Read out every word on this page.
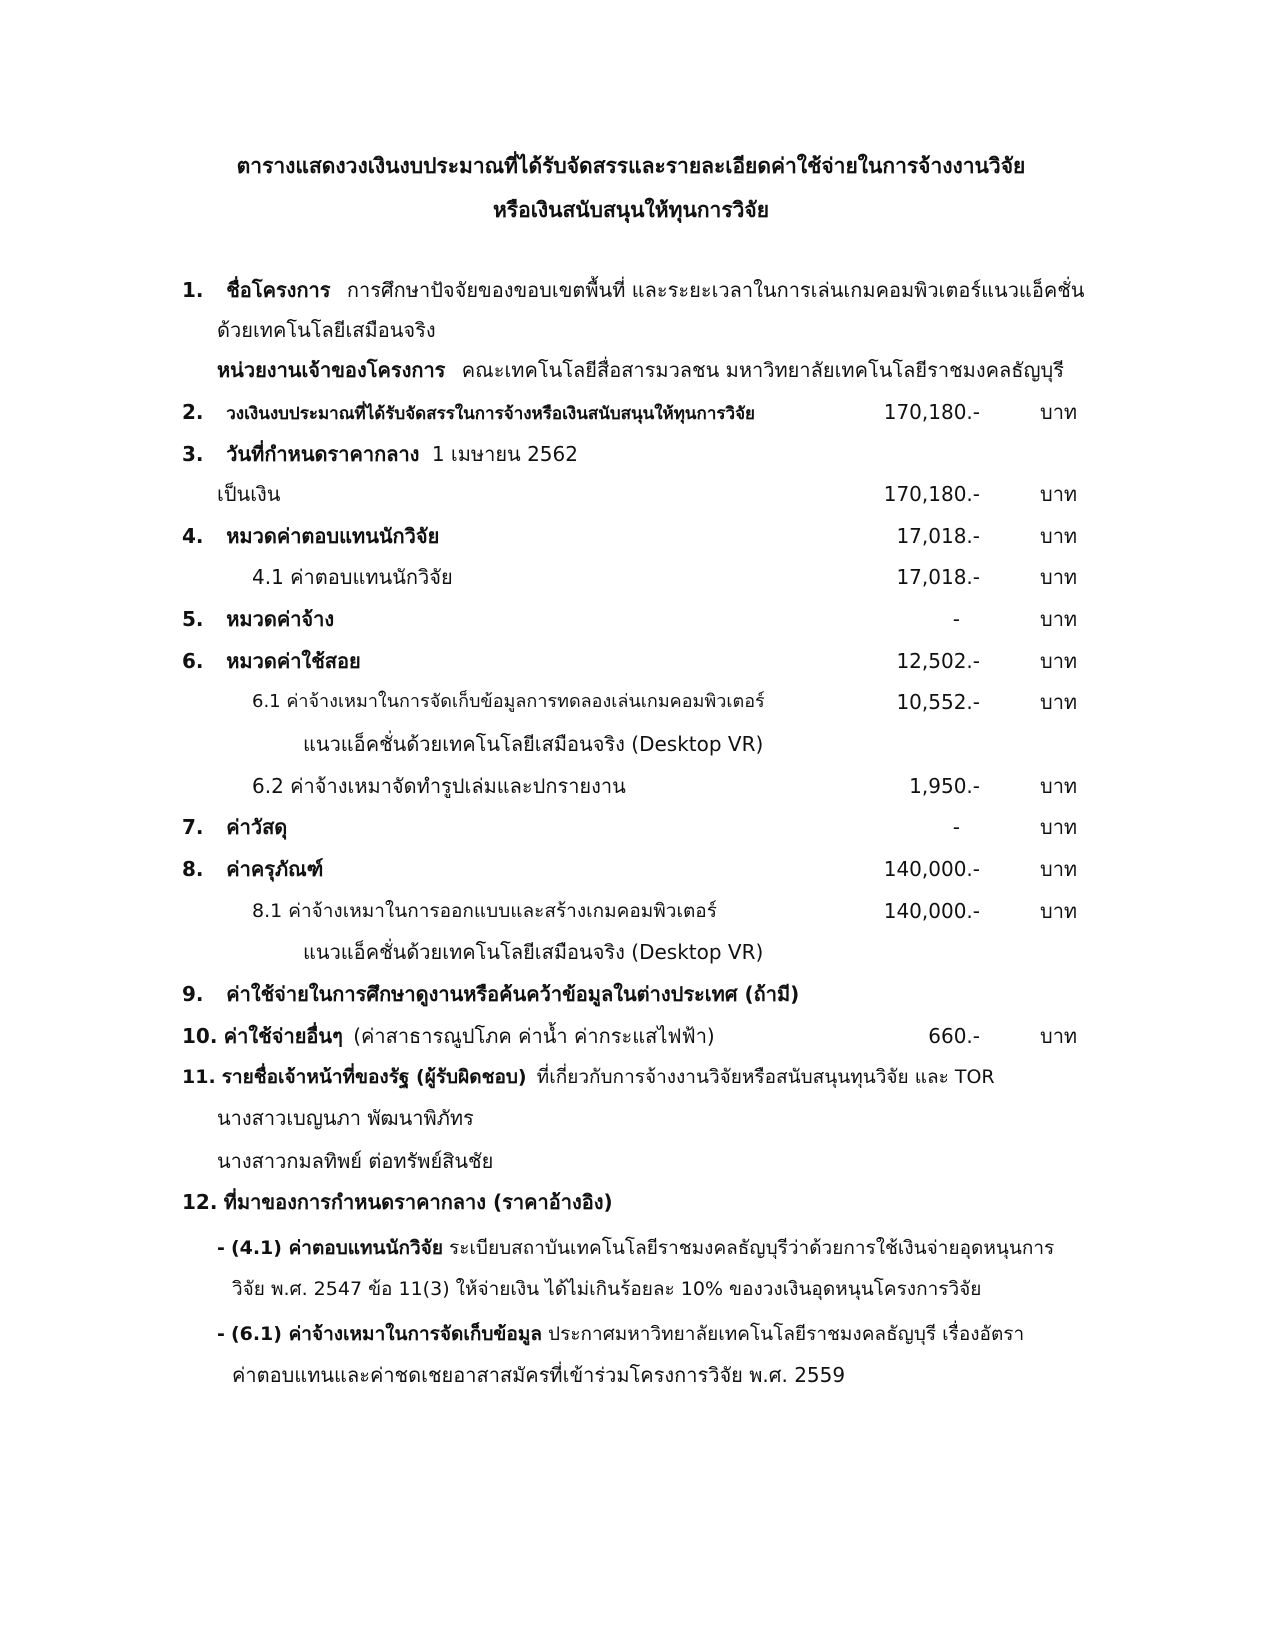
ตารางแสดงวงเงินงบประมาณที่ได้รับจัดสรรและรายละเอียดค่าใช้จ่ายในการจ้างงานวิจัย
หรือเงินสนับสนุนให้ทุนการวิจัย
1. ชื่อโครงการ การศึกษาปัจจัยของขอบเขตพื้นที่ และระยะเวลาในการเล่นเกมคอมพิวเตอร์แนวแอ็คชั่น
ด้วยเทคโนโลยีเสมือนจริง
หน่วยงานเจ้าของโครงการ คณะเทคโนโลยีสื่อสารมวลชน มหาวิทยาลัยเทคโนโลยีราชมงคลธัญบุรี
2. วงเงินงบประมาณที่ได้รับจัดสรรในการจ้างหรือเงินสนับสนุนให้ทุนการวิจัย	170,180.-	บาท
3. วันที่กำหนดราคากลาง 1 เมษายน 2562
เป็นเงิน	170,180.-	บาท
4. หมวดค่าตอบแทนนักวิจัย	17,018.-	บาท
4.1 ค่าตอบแทนนักวิจัย	17,018.-	บาท
5. หมวดค่าจ้าง	-	บาท
6. หมวดค่าใช้สอย	12,502.-	บาท
6.1 ค่าจ้างเหมาในการจัดเก็บข้อมูลการทดลองเล่นเกมคอมพิวเตอร์	10,552.-	บาท
แนวแอ็คชั่นด้วยเทคโนโลยีเสมือนจริง (Desktop VR)
6.2 ค่าจ้างเหมาจัดทำรูปเล่มและปกรายงาน	1,950.-	บาท
7. ค่าวัสดุ	-	บาท
8. ค่าครุภัณฑ์	140,000.-	บาท
8.1 ค่าจ้างเหมาในการออกแบบและสร้างเกมคอมพิวเตอร์	140,000.-	บาท
แนวแอ็คชั่นด้วยเทคโนโลยีเสมือนจริง (Desktop VR)
9. ค่าใช้จ่ายในการศึกษาดูงานหรือค้นคว้าข้อมูลในต่างประเทศ (ถ้ามี)
10. ค่าใช้จ่ายอื่นๆ (ค่าสาธารณูปโภค ค่าน้ำ ค่ากระแสไฟฟ้า)	660.-	บาท
11. รายชื่อเจ้าหน้าที่ของรัฐ (ผู้รับผิดชอบ) ที่เกี่ยวกับการจ้างงานวิจัยหรือสนับสนุนทุนวิจัย และ TOR
นางสาวเบญนภา พัฒนาพิภัทร
นางสาวกมลทิพย์ ต่อทรัพย์สินชัย
12. ที่มาของการกำหนดราคากลาง (ราคาอ้างอิง)
- (4.1) ค่าตอบแทนนักวิจัย ระเบียบสถาบันเทคโนโลยีราชมงคลธัญบุรีว่าด้วยการใช้เงินจ่ายอุดหนุนการ
วิจัย พ.ศ. 2547 ข้อ 11(3) ให้จ่ายเงิน ได้ไม่เกินร้อยละ 10% ของวงเงินอุดหนุนโครงการวิจัย
- (6.1) ค่าจ้างเหมาในการจัดเก็บข้อมูล ประกาศมหาวิทยาลัยเทคโนโลยีราชมงคลธัญบุรี เรื่องอัตรา
ค่าตอบแทนและค่าชดเชยอาสาสมัครที่เข้าร่วมโครงการวิจัย พ.ศ. 2559
